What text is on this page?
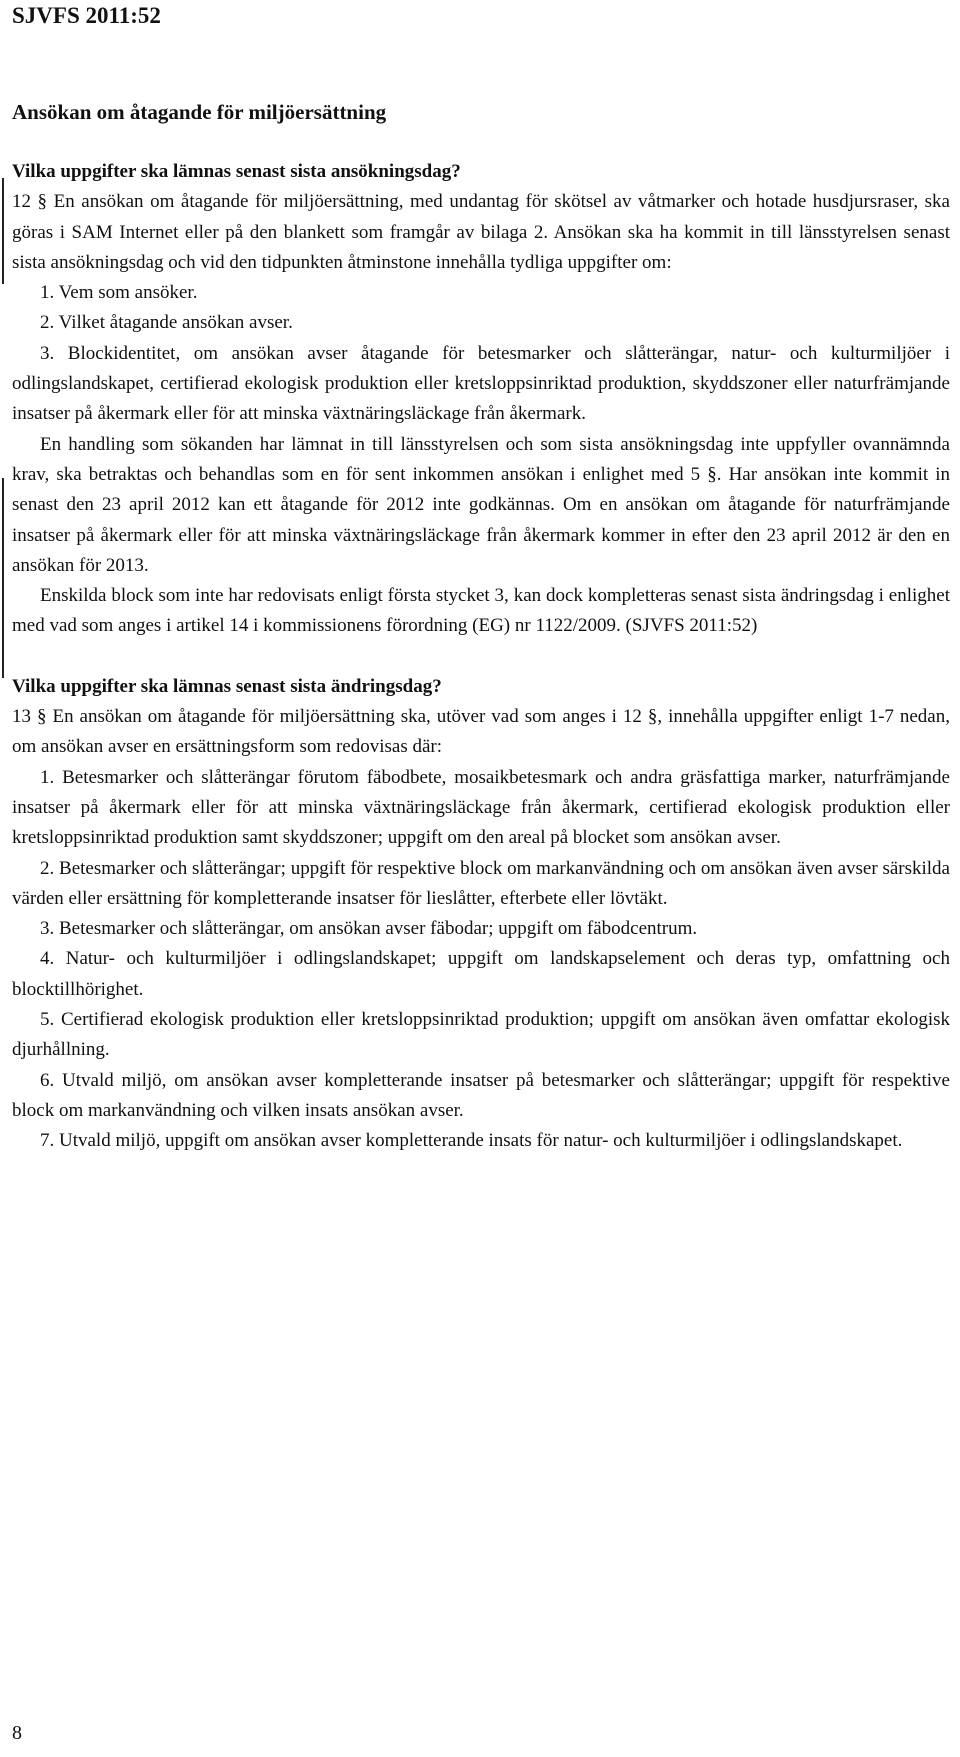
SJVFS 2011:52
Ansökan om åtagande för miljöersättning

Vilka uppgifter ska lämnas senast sista ansökningsdag?

12 § En ansökan om åtagande för miljöersättning, med undantag för skötsel av våtmarker och hotade husdjursraser, ska göras i SAM Internet eller på den blankett som framgår av bilaga 2. Ansökan ska ha kommit in till länsstyrelsen senast sista ansökningsdag och vid den tidpunkten åtminstone innehålla tydliga uppgifter om:

1. Vem som ansöker.

2. Vilket åtagande ansökan avser.

3. Blockidentitet, om ansökan avser åtagande för betesmarker och slåtterängar, natur- och kulturmiljöer i odlingslandskapet, certifierad ekologisk produktion eller kretsloppsinriktad produktion, skyddszoner eller naturfrämjande insatser på åkermark eller för att minska växtnäringsläckage från åkermark.

En handling som sökanden har lämnat in till länsstyrelsen och som sista ansökningsdag inte uppfyller ovannämnda krav, ska betraktas och behandlas som en för sent inkommen ansökan i enlighet med 5 §. Har ansökan inte kommit in senast den 23 april 2012 kan ett åtagande för 2012 inte godkännas. Om en ansökan om åtagande för naturfrämjande insatser på åkermark eller för att minska växtnäringsläckage från åkermark kommer in efter den 23 april 2012 är den en ansökan för 2013.

Enskilda block som inte har redovisats enligt första stycket 3, kan dock kompletteras senast sista ändringsdag i enlighet med vad som anges i artikel 14 i kommissionens förordning (EG) nr 1122/2009. (SJVFS 2011:52)

Vilka uppgifter ska lämnas senast sista ändringsdag?

13 § En ansökan om åtagande för miljöersättning ska, utöver vad som anges i 12 §, innehålla uppgifter enligt 1-7 nedan, om ansökan avser en ersättningsform som redovisas där:

1. Betesmarker och slåtterängar förutom fäbodbete, mosaikbetesmark och andra gräsfattiga marker, naturfrämjande insatser på åkermark eller för att minska växtnäringsläckage från åkermark, certifierad ekologisk produktion eller kretsloppsinriktad produktion samt skyddszoner; uppgift om den areal på blocket som ansökan avser.

2. Betesmarker och slåtterängar; uppgift för respektive block om markanvändning och om ansökan även avser särskilda värden eller ersättning för kompletterande insatser för lieslåtter, efterbete eller lövtäkt.

3. Betesmarker och slåtterängar, om ansökan avser fäbodar; uppgift om fäbodcentrum.

4. Natur- och kulturmiljöer i odlingslandskapet; uppgift om landskapselement och deras typ, omfattning och blocktillhörighet.

5. Certifierad ekologisk produktion eller kretsloppsinriktad produktion; uppgift om ansökan även omfattar ekologisk djurhållning.

6. Utvald miljö, om ansökan avser kompletterande insatser på betesmarker och slåtterängar; uppgift för respektive block om markanvändning och vilken insats ansökan avser.

7. Utvald miljö, uppgift om ansökan avser kompletterande insats för natur- och kulturmiljöer i odlingslandskapet.

8
